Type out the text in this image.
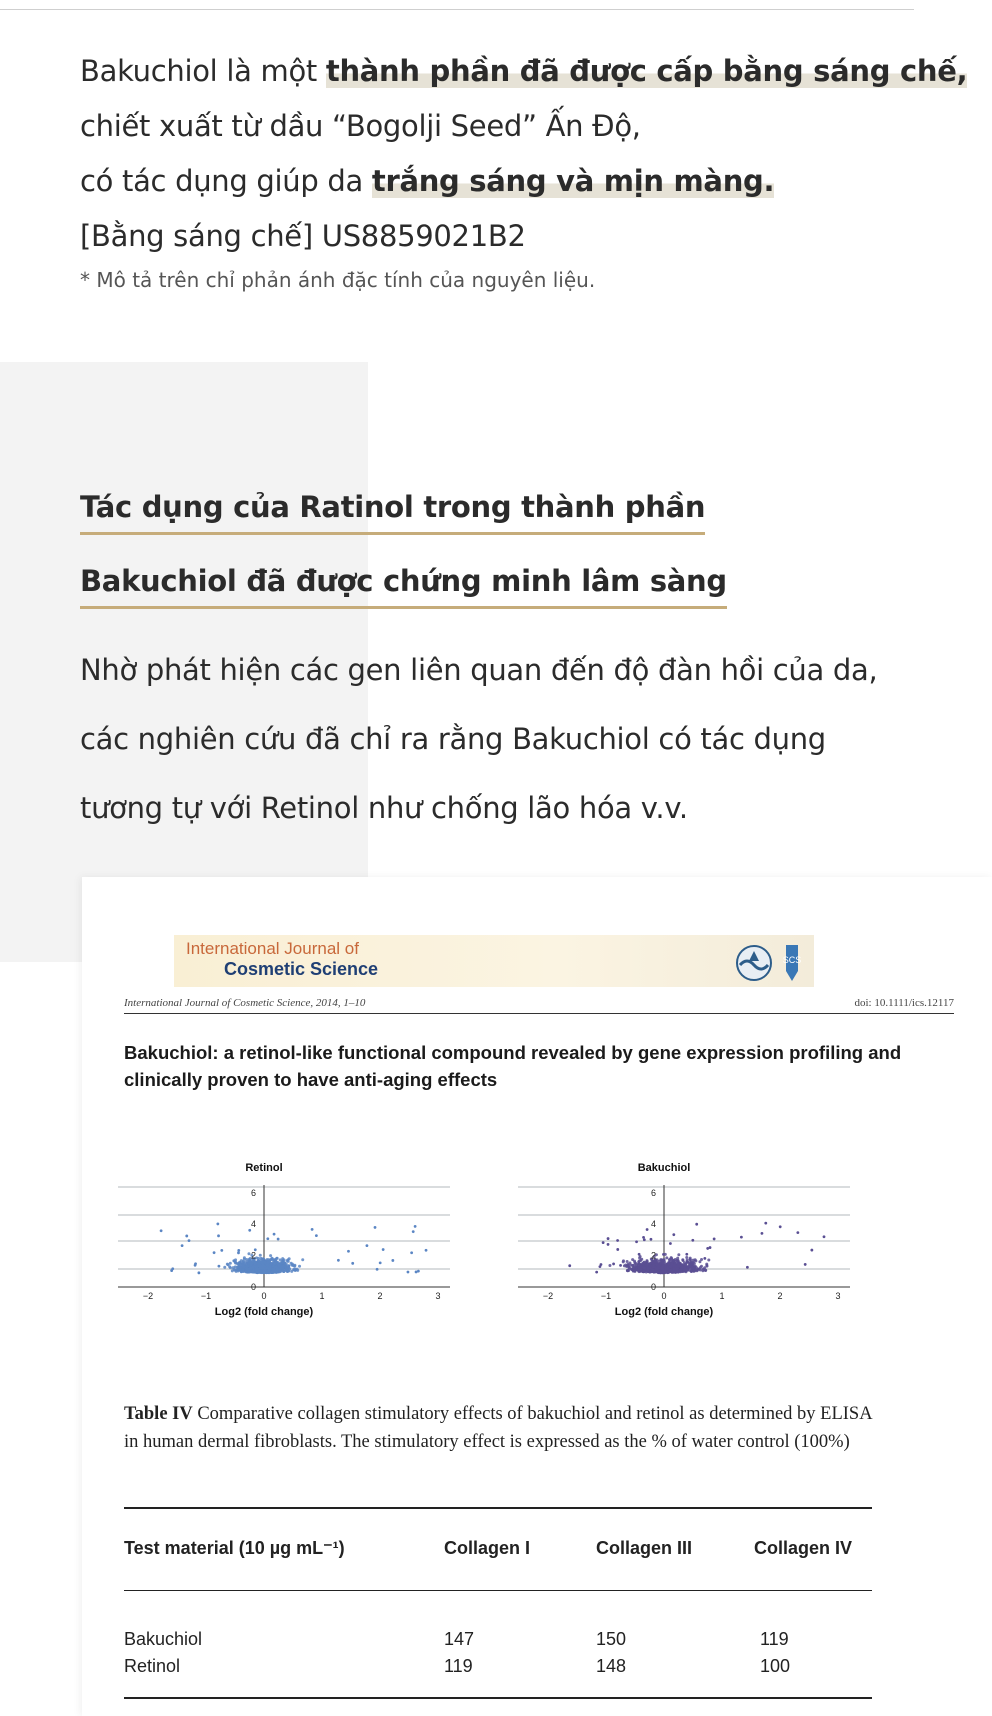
Bakuchiol là một thành phần đã được cấp bằng sáng chế,
chiết xuất từ dầu “Bogolji Seed” Ấn Độ,
có tác dụng giúp da trắng sáng và mịn màng.
[Bằng sáng chế] US8859021B2
* Mô tả trên chỉ phản ánh đặc tính của nguyên liệu.
Tác dụng của Ratinol trong thành phần
Bakuchiol đã được chứng minh lâm sàng
Nhờ phát hiện các gen liên quan đến độ đàn hồi của da,
các nghiên cứu đã chỉ ra rằng Bakuchiol có tác dụng
tương tự với Retinol như chống lão hóa v.v.
International Journal of
Cosmetic Science	SCS
International Journal of Cosmetic Science, 2014, 1–10	doi: 10.1111/ics.12117
Bakuchiol: a retinol-like functional compound revealed by gene expression profiling and clinically proven to have anti-aging effects
−2	−1	0	1	2	3
0
2
4
6
Retinol
Log2 (fold change)
−2	−1	0	1	2	3
0
2
4
6
Bakuchiol
Log2 (fold change)
Table IV Comparative collagen stimulatory effects of bakuchiol and retinol as determined by ELISA in human dermal fibroblasts. The stimulatory effect is expressed as the % of water control (100%)
Test material (10 µg mL⁻¹)	Collagen I	Collagen III	Collagen IV
Bakuchiol	147	150	119
Retinol	119	148	100
